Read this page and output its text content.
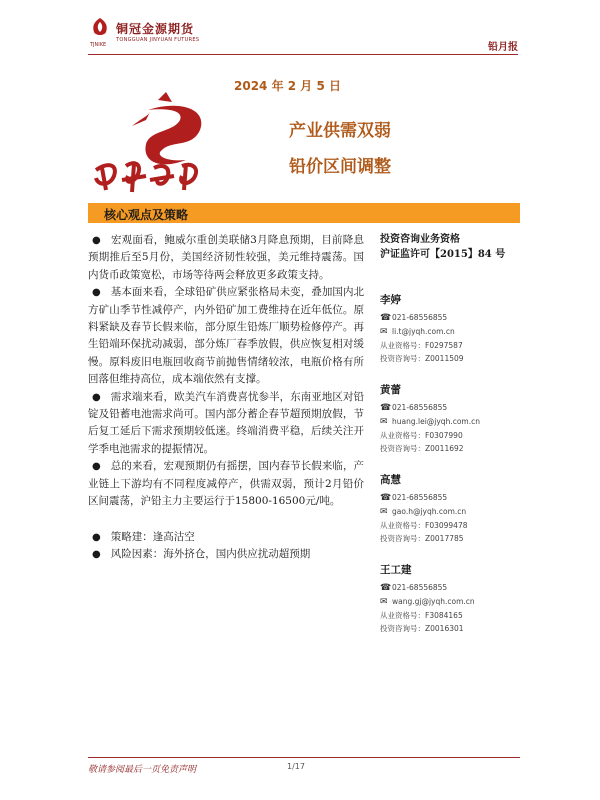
铜冠金源期货
TONGGUAN JINYUAN FUTURES
TJNIKE	铅月报
2024 年 2 月 5 日
产业供需双弱
铅价区间调整
核心观点及策略

● 宏观面看，鲍威尔重创美联储3月降息预期，目前降息预期推后至5月份，美国经济韧性较强，美元维持震荡。国内货币政策宽松，市场等待两会释放更多政策支持。

● 基本面来看，全球铅矿供应紧张格局未变，叠加国内北方矿山季节性减停产，内外铅矿加工费维持在近年低位。原料紧缺及春节长假来临，部分原生铅炼厂顺势检修停产。再生铅端环保扰动减弱，部分炼厂春季放假，供应恢复相对缓慢。原料废旧电瓶回收商节前抛售情绪较浓，电瓶价格有所回落但维持高位，成本端依然有支撑。

● 需求端来看，欧美汽车消费喜忧参半，东南亚地区对铅锭及铅蓄电池需求尚可。国内部分蓄企春节超预期放假，节后复工延后下需求预期较低迷。终端消费平稳，后续关注开学季电池需求的提振情况。

● 总的来看，宏观预期仍有摇摆，国内春节长假来临，产业链上下游均有不同程度减停产，供需双弱，预计2月铅价区间震荡，沪铅主力主要运行于15800-16500元/吨。

● 策略建：逢高沽空

● 风险因素：海外挤仓，国内供应扰动超预期

投资咨询业务资格
沪证监许可【2015】84 号
李婷
☎021-68556855
✉ li.t@jyqh.com.cn
从业资格号：F0297587
投资咨询号：Z0011509
黄蕾
☎021-68556855
✉ huang.lei@jyqh.com.cn
从业资格号：F0307990
投资咨询号：Z0011692
高慧
☎021-68556855
✉ gao.h@jyqh.com.cn
从业资格号：F03099478
投资咨询号：Z0017785
王工建
☎021-68556855
✉ wang.gj@jyqh.com.cn
从业资格号：F3084165
投资咨询号：Z0016301
敬请参阅最后一页免责声明	1/17
